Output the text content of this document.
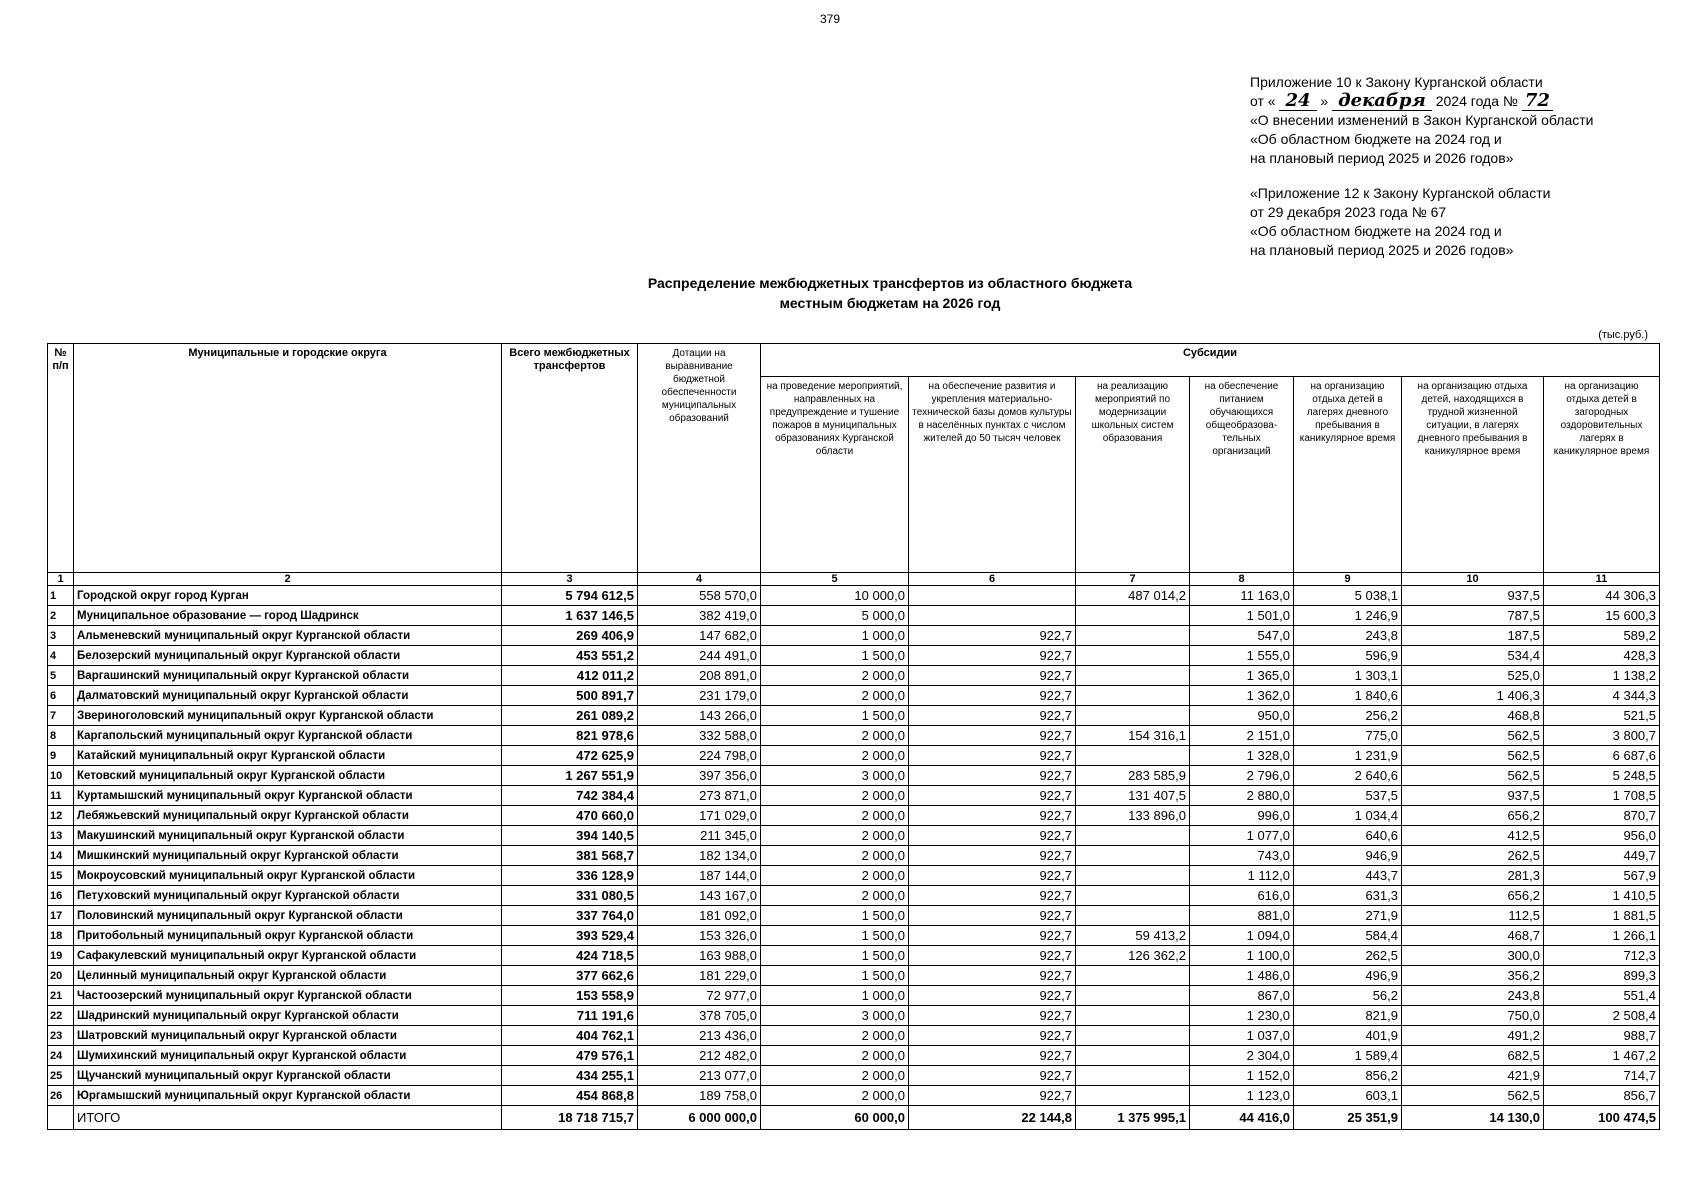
379
Приложение 10 к Закону Курганской области
от « 24 » декабря 2024 года № 72
«О внесении изменений в Закон Курганской области
«Об областном бюджете на 2024 год и
на плановый период 2025 и 2026 годов»
«Приложение 12 к Закону Курганской области
от 29 декабря 2023 года № 67
«Об областном бюджете на 2024 год и
на плановый период 2025 и 2026 годов»
Распределение межбюджетных трансфертов из областного бюджета
местным бюджетам на 2026 год
(тыс.руб.)
№ п/п	Муниципальные и городские округа	Всего межбюджетных трансфертов	Дотации на выравнивание бюджетной обеспеченности муниципальных образований	Субсидии						
				на проведение мероприятий, направленных на предупреждение и тушение пожаров в муниципальных образованиях Курганской области	на обеспечение развития и укрепления материально-технической базы домов культуры в населённых пунктах с числом жителей до 50 тысяч человек	на реализацию мероприятий по модернизации школьных систем образования	на обеспечение питанием обучающихся общеобразова-тельных организаций	на организацию отдыха детей в лагерях дневного пребывания в каникулярное время	на организацию отдыха детей, находящихся в трудной жизненной ситуации, в лагерях дневного пребывания в каникулярное время	на организацию отдыха детей в загородных оздоровительных лагерях в каникулярное время
1	2	3	4	5	6	7	8	9	10	11
1	Городской округ город Курган	5 794 612,5	558 570,0	10 000,0		487 014,2	11 163,0	5 038,1	937,5	44 306,3
2	Муниципальное образование — город Шадринск	1 637 146,5	382 419,0	5 000,0			1 501,0	1 246,9	787,5	15 600,3
3	Альменевский муниципальный округ Курганской области	269 406,9	147 682,0	1 000,0	922,7		547,0	243,8	187,5	589,2
4	Белозерский муниципальный округ Курганской области	453 551,2	244 491,0	1 500,0	922,7		1 555,0	596,9	534,4	428,3
5	Варгашинский муниципальный округ Курганской области	412 011,2	208 891,0	2 000,0	922,7		1 365,0	1 303,1	525,0	1 138,2
6	Далматовский муниципальный округ Курганской области	500 891,7	231 179,0	2 000,0	922,7		1 362,0	1 840,6	1 406,3	4 344,3
7	Звериноголовский муниципальный округ Курганской области	261 089,2	143 266,0	1 500,0	922,7		950,0	256,2	468,8	521,5
8	Каргапольский муниципальный округ Курганской области	821 978,6	332 588,0	2 000,0	922,7	154 316,1	2 151,0	775,0	562,5	3 800,7
9	Катайский муниципальный округ Курганской области	472 625,9	224 798,0	2 000,0	922,7		1 328,0	1 231,9	562,5	6 687,6
10	Кетовский муниципальный округ Курганской области	1 267 551,9	397 356,0	3 000,0	922,7	283 585,9	2 796,0	2 640,6	562,5	5 248,5
11	Куртамышский муниципальный округ Курганской области	742 384,4	273 871,0	2 000,0	922,7	131 407,5	2 880,0	537,5	937,5	1 708,5
12	Лебяжьевский муниципальный округ Курганской области	470 660,0	171 029,0	2 000,0	922,7	133 896,0	996,0	1 034,4	656,2	870,7
13	Макушинский муниципальный округ Курганской области	394 140,5	211 345,0	2 000,0	922,7		1 077,0	640,6	412,5	956,0
14	Мишкинский муниципальный округ Курганской области	381 568,7	182 134,0	2 000,0	922,7		743,0	946,9	262,5	449,7
15	Мокроусовский муниципальный округ Курганской области	336 128,9	187 144,0	2 000,0	922,7		1 112,0	443,7	281,3	567,9
16	Петуховский муниципальный округ Курганской области	331 080,5	143 167,0	2 000,0	922,7		616,0	631,3	656,2	1 410,5
17	Половинский муниципальный округ Курганской области	337 764,0	181 092,0	1 500,0	922,7		881,0	271,9	112,5	1 881,5
18	Притобольный муниципальный округ Курганской области	393 529,4	153 326,0	1 500,0	922,7	59 413,2	1 094,0	584,4	468,7	1 266,1
19	Сафакулевский муниципальный округ Курганской области	424 718,5	163 988,0	1 500,0	922,7	126 362,2	1 100,0	262,5	300,0	712,3
20	Целинный муниципальный округ Курганской области	377 662,6	181 229,0	1 500,0	922,7		1 486,0	496,9	356,2	899,3
21	Частоозерский муниципальный округ Курганской области	153 558,9	72 977,0	1 000,0	922,7		867,0	56,2	243,8	551,4
22	Шадринский муниципальный округ Курганской области	711 191,6	378 705,0	3 000,0	922,7		1 230,0	821,9	750,0	2 508,4
23	Шатровский муниципальный округ Курганской области	404 762,1	213 436,0	2 000,0	922,7		1 037,0	401,9	491,2	988,7
24	Шумихинский муниципальный округ Курганской области	479 576,1	212 482,0	2 000,0	922,7		2 304,0	1 589,4	682,5	1 467,2
25	Щучанский муниципальный округ Курганской области	434 255,1	213 077,0	2 000,0	922,7		1 152,0	856,2	421,9	714,7
26	Юргамышский муниципальный округ Курганской области	454 868,8	189 758,0	2 000,0	922,7		1 123,0	603,1	562,5	856,7
	ИТОГО	18 718 715,7	6 000 000,0	60 000,0	22 144,8	1 375 995,1	44 416,0	25 351,9	14 130,0	100 474,5
